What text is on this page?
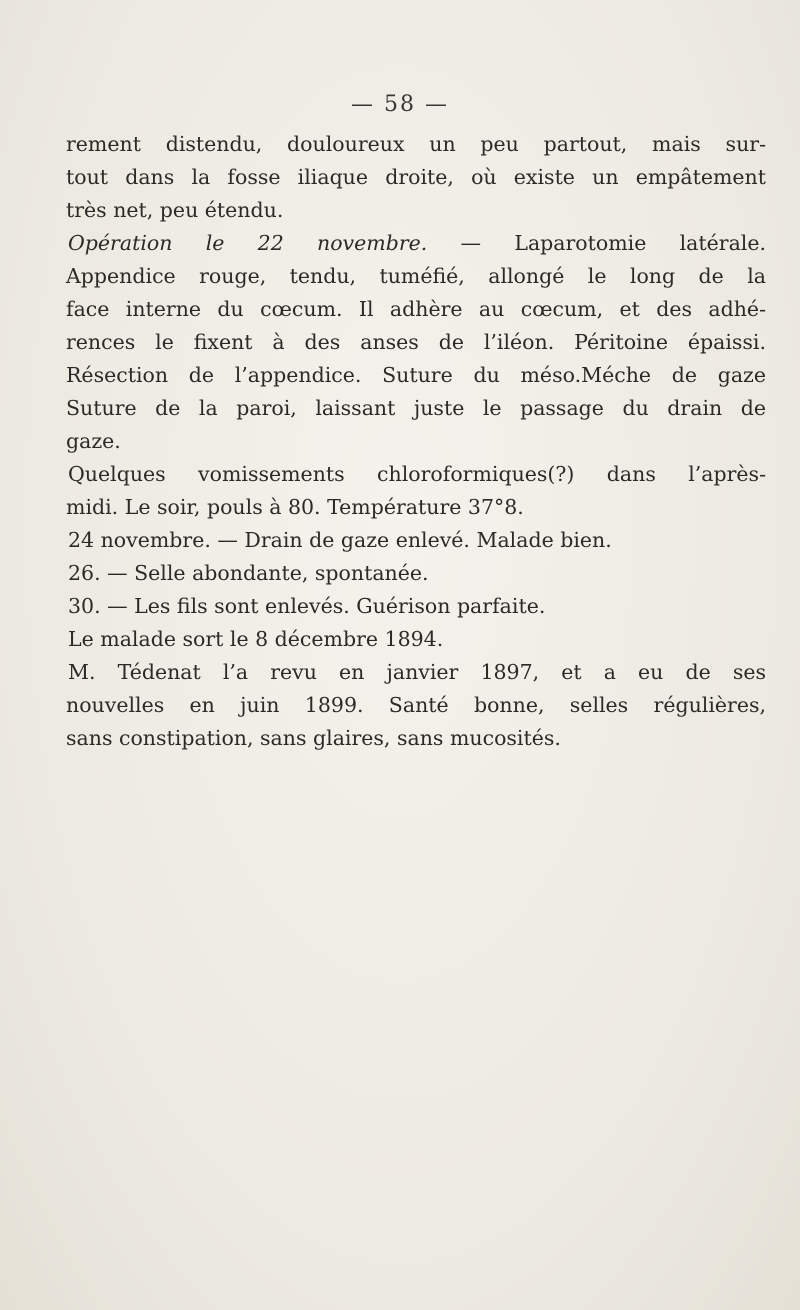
— 58 —
rement distendu, douloureux un peu partout, mais sur-
tout dans la fosse iliaque droite, où existe un empâtement
très net, peu étendu.
Opération le 22 novembre. — Laparotomie latérale.
Appendice rouge, tendu, tuméfié, allongé le long de la
face interne du cœcum. Il adhère au cœcum, et des adhé-
rences le fixent à des anses de l’iléon. Péritoine épaissi.
Résection de l’appendice. Suture du méso.Méche de gaze
Suture de la paroi, laissant juste le passage du drain de
gaze.
Quelques vomissements chloroformiques(?) dans l’après-
midi. Le soir, pouls à 80. Température 37°8.
24 novembre. — Drain de gaze enlevé. Malade bien.
26. — Selle abondante, spontanée.
30. — Les fils sont enlevés. Guérison parfaite.
Le malade sort le 8 décembre 1894.
M. Tédenat l’a revu en janvier 1897, et a eu de ses
nouvelles en juin 1899. Santé bonne, selles régulières,
sans constipation, sans glaires, sans mucosités.
